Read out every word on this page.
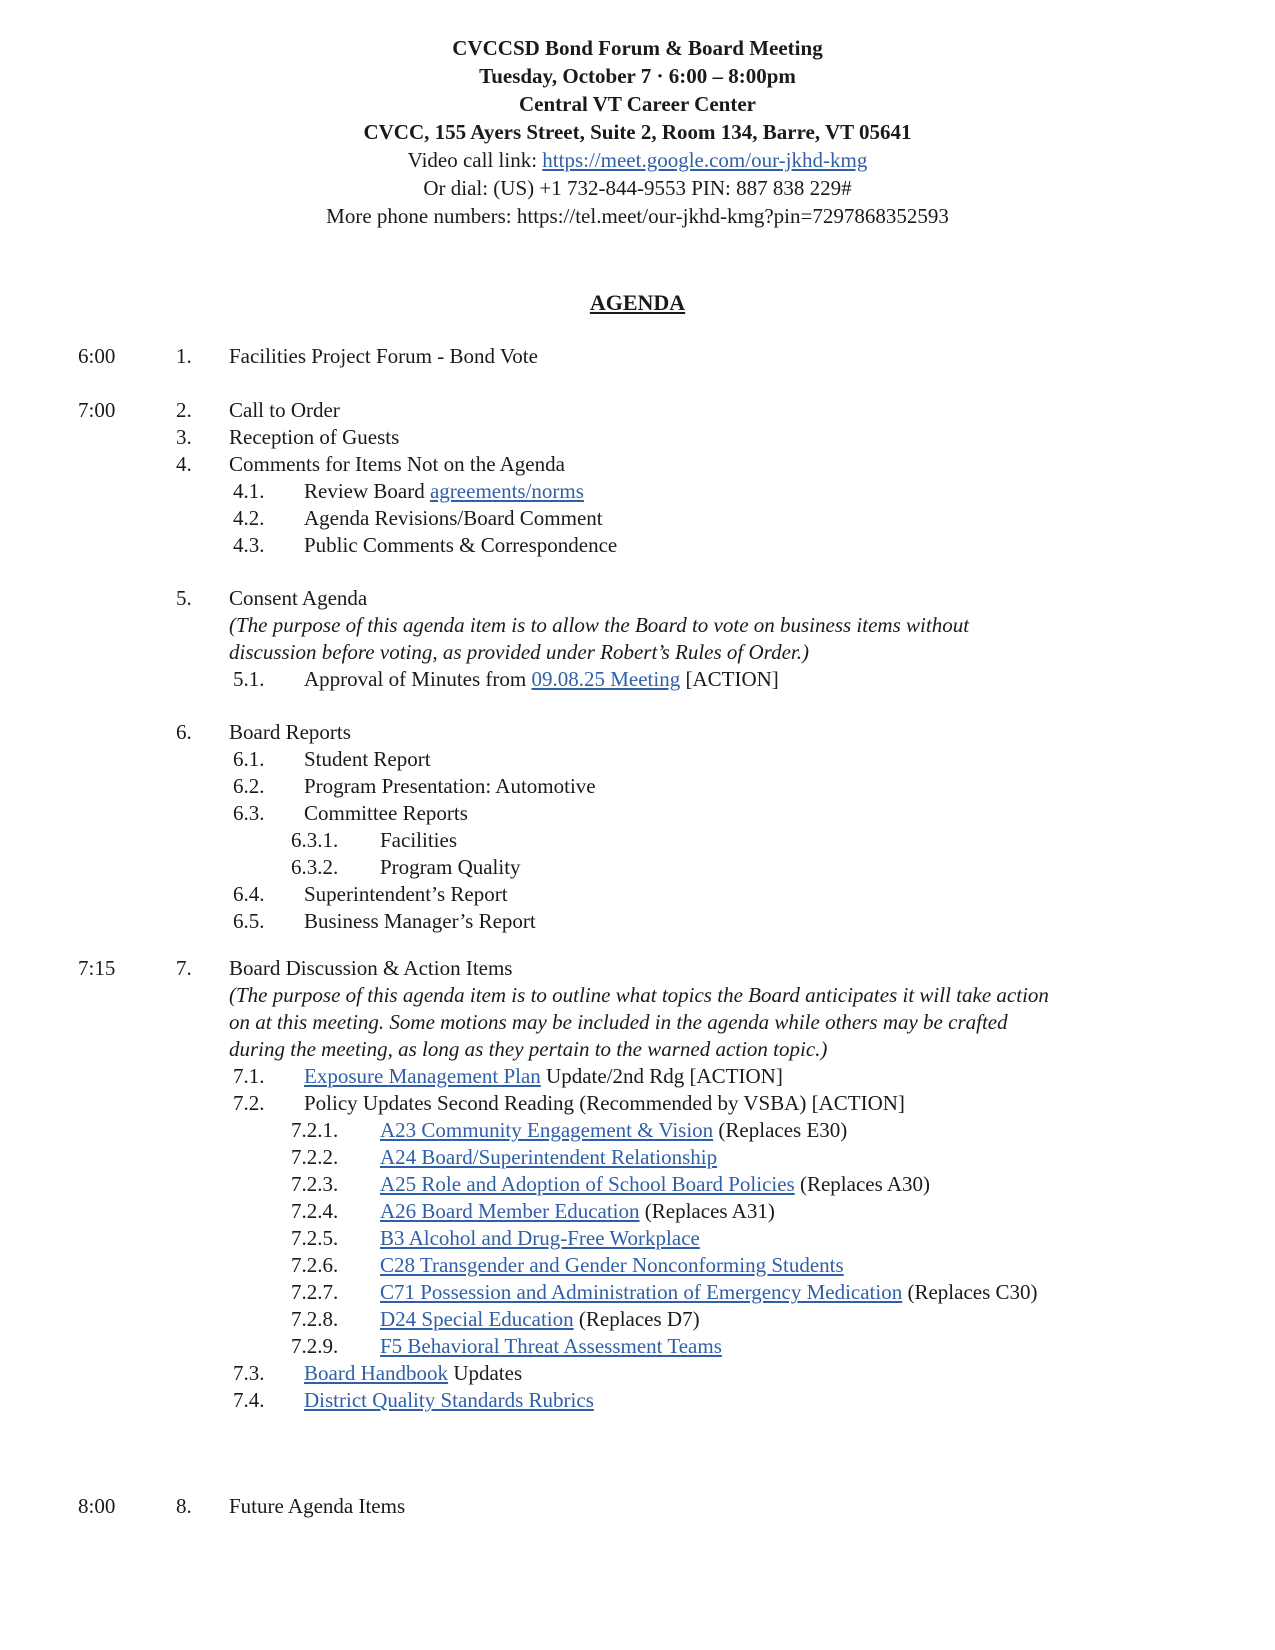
CVCCSD Bond Forum & Board Meeting
Tuesday, October 7 · 6:00 – 8:00pm
Central VT Career Center
CVCC, 155 Ayers Street, Suite 2, Room 134, Barre, VT 05641
Video call link: https://meet.google.com/our-jkhd-kmg
Or dial: (US) +1 732-844-9553 PIN: 887 838 229#
More phone numbers: https://tel.meet/our-jkhd-kmg?pin=7297868352593
AGENDA
6:00	1. Facilities Project Forum - Bond Vote
7:00	2. Call to Order
3. Reception of Guests
4. Comments for Items Not on the Agenda
4.1. Review Board agreements/norms
4.2. Agenda Revisions/Board Comment
4.3. Public Comments & Correspondence
5. Consent Agenda
(The purpose of this agenda item is to allow the Board to vote on business items without
discussion before voting, as provided under Robert’s Rules of Order.)
5.1. Approval of Minutes from 09.08.25 Meeting [ACTION]
6. Board Reports
6.1. Student Report
6.2. Program Presentation: Automotive
6.3. Committee Reports
6.3.1. Facilities
6.3.2. Program Quality
6.4. Superintendent’s Report
6.5. Business Manager’s Report
7:15	7. Board Discussion & Action Items
(The purpose of this agenda item is to outline what topics the Board anticipates it will take action
on at this meeting. Some motions may be included in the agenda while others may be crafted
during the meeting, as long as they pertain to the warned action topic.)
7.1. Exposure Management Plan Update/2nd Rdg [ACTION]
7.2. Policy Updates Second Reading (Recommended by VSBA) [ACTION]
7.2.1. A23 Community Engagement & Vision (Replaces E30)
7.2.2. A24 Board/Superintendent Relationship
7.2.3. A25 Role and Adoption of School Board Policies (Replaces A30)
7.2.4. A26 Board Member Education (Replaces A31)
7.2.5. B3 Alcohol and Drug-Free Workplace
7.2.6. C28 Transgender and Gender Nonconforming Students
7.2.7. C71 Possession and Administration of Emergency Medication (Replaces C30)
7.2.8. D24 Special Education (Replaces D7)
7.2.9. F5 Behavioral Threat Assessment Teams
7.3. Board Handbook Updates
7.4. District Quality Standards Rubrics
8:00	8. Future Agenda Items
